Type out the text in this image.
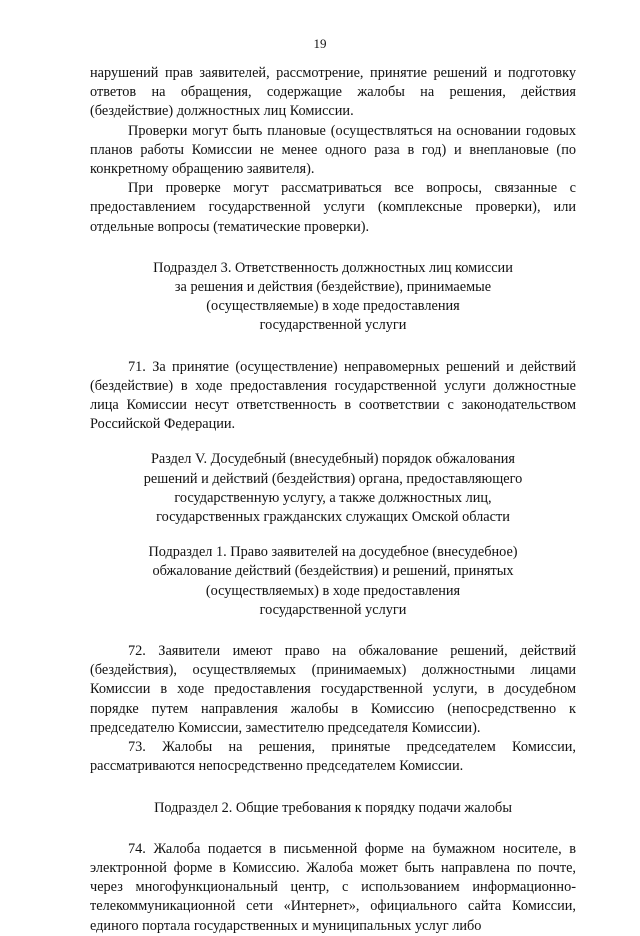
19

нарушений прав заявителей, рассмотрение, принятие решений и подготовку ответов на обращения, содержащие жалобы на решения, действия (бездействие) должностных лиц Комиссии.

Проверки могут быть плановые (осуществляться на основании годовых планов работы Комиссии не менее одного раза в год) и внеплановые (по конкретному обращению заявителя).

При проверке могут рассматриваться все вопросы, связанные с предоставлением государственной услуги (комплексные проверки), или отдельные вопросы (тематические проверки).

Подраздел 3. Ответственность должностных лиц комиссии
за решения и действия (бездействие), принимаемые
(осуществляемые) в ходе предоставления
государственной услуги

71. За принятие (осуществление) неправомерных решений и действий (бездействие) в ходе предоставления государственной услуги должностные лица Комиссии несут ответственность в соответствии с законодательством Российской Федерации.

Раздел V. Досудебный (внесудебный) порядок обжалования
решений и действий (бездействия) органа, предоставляющего
государственную услугу, а также должностных лиц,
государственных гражданских служащих Омской области
Подраздел 1. Право заявителей на досудебное (внесудебное)
обжалование действий (бездействия) и решений, принятых
(осуществляемых) в ходе предоставления
государственной услуги

72. Заявители имеют право на обжалование решений, действий (бездействия), осуществляемых (принимаемых) должностными лицами Комиссии в ходе предоставления государственной услуги, в досудебном порядке путем направления жалобы в Комиссию (непосредственно к председателю Комиссии, заместителю председателя Комиссии).

73. Жалобы на решения, принятые председателем Комиссии, рассматриваются непосредственно председателем Комиссии.

Подраздел 2. Общие требования к порядку подачи жалобы

74. Жалоба подается в письменной форме на бумажном носителе, в электронной форме в Комиссию. Жалоба может быть направлена по почте, через многофункциональный центр, с использованием информационно-телекоммуникационной сети «Интернет», официального сайта Комиссии, единого портала государственных и муниципальных услуг либо
